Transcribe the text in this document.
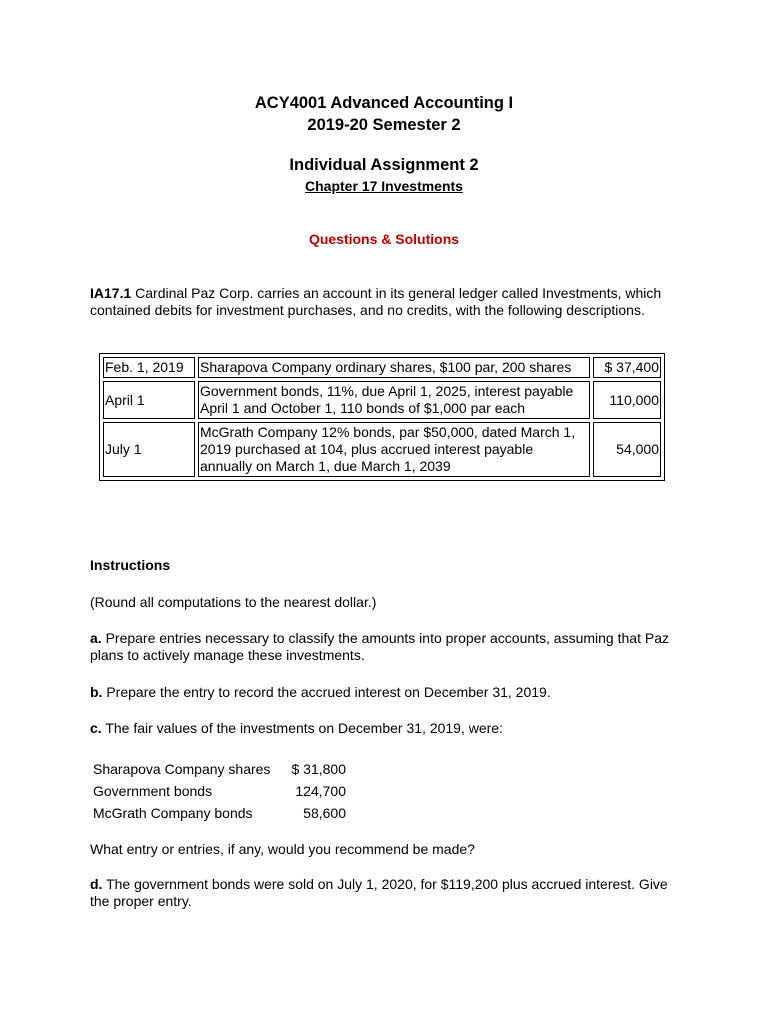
ACY4001 Advanced Accounting I
2019-20 Semester 2
Individual Assignment 2
Chapter 17 Investments
Questions & Solutions
IA17.1 Cardinal Paz Corp. carries an account in its general ledger called Investments, which contained debits for investment purchases, and no credits, with the following descriptions.
Feb. 1, 2019	Sharapova Company ordinary shares, $100 par, 200 shares	$ 37,400
April 1	Government bonds, 11%, due April 1, 2025, interest payable April 1 and October 1, 110 bonds of $1,000 par each	110,000
July 1	McGrath Company 12% bonds, par $50,000, dated March 1, 2019 purchased at 104, plus accrued interest payable annually on March 1, due March 1, 2039	54,000
Instructions
(Round all computations to the nearest dollar.)
a. Prepare entries necessary to classify the amounts into proper accounts, assuming that Paz plans to actively manage these investments.
b. Prepare the entry to record the accrued interest on December 31, 2019.
c. The fair values of the investments on December 31, 2019, were:
Sharapova Company shares	$ 31,800
Government bonds	124,700
McGrath Company bonds	58,600
What entry or entries, if any, would you recommend be made?
d. The government bonds were sold on July 1, 2020, for $119,200 plus accrued interest. Give the proper entry.
